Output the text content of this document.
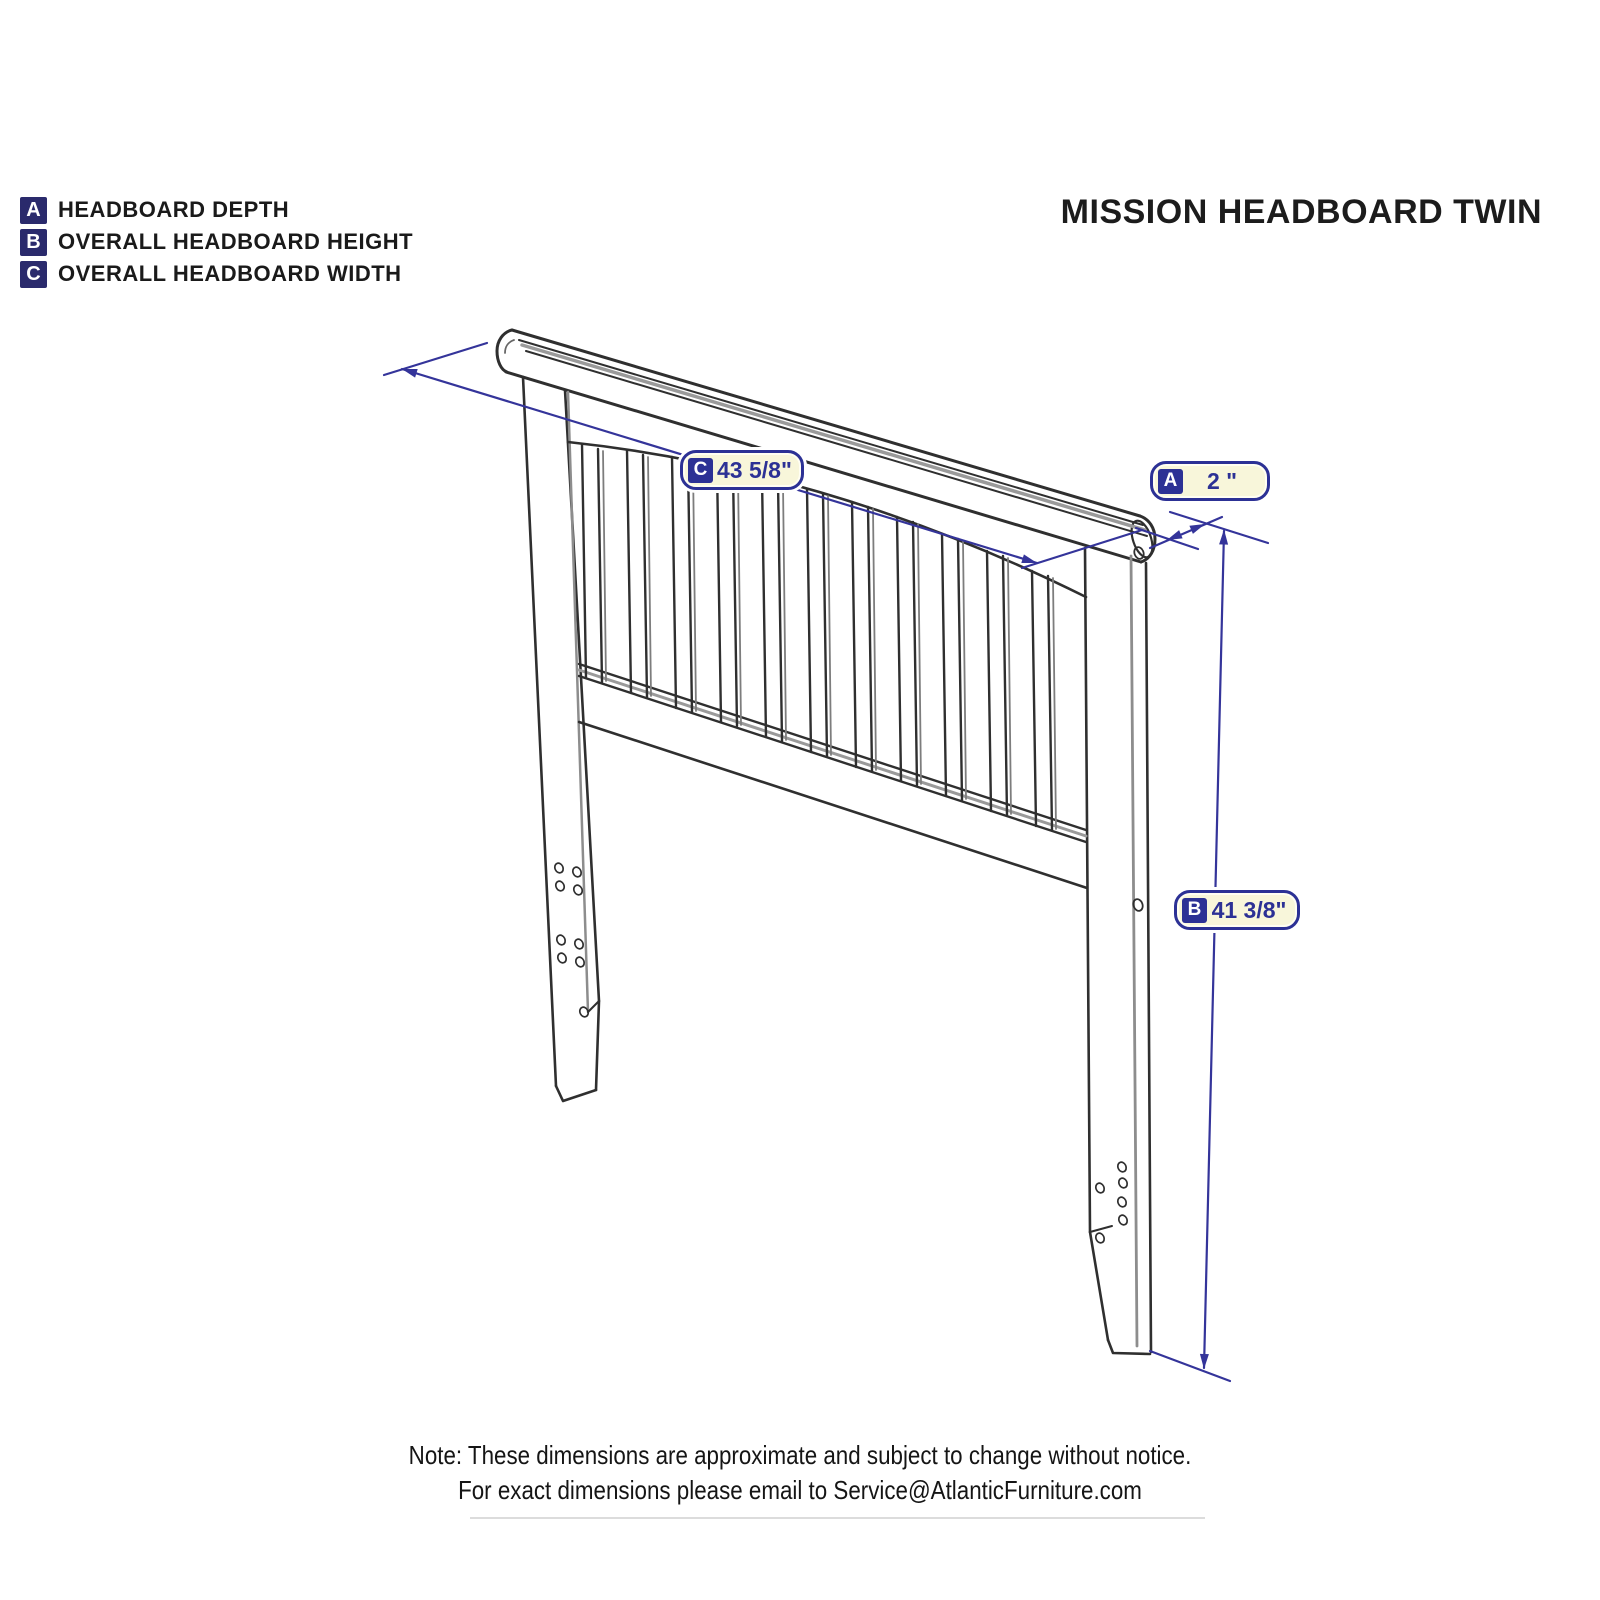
A HEADBOARD DEPTH
B OVERALL HEADBOARD HEIGHT
C OVERALL HEADBOARD WIDTH
MISSION HEADBOARD TWIN
C 43 5/8"	A	2 "
B 41 3/8"
Note: These dimensions are approximate and subject to change without notice.
For exact dimensions please email to Service@AtlanticFurniture.com
